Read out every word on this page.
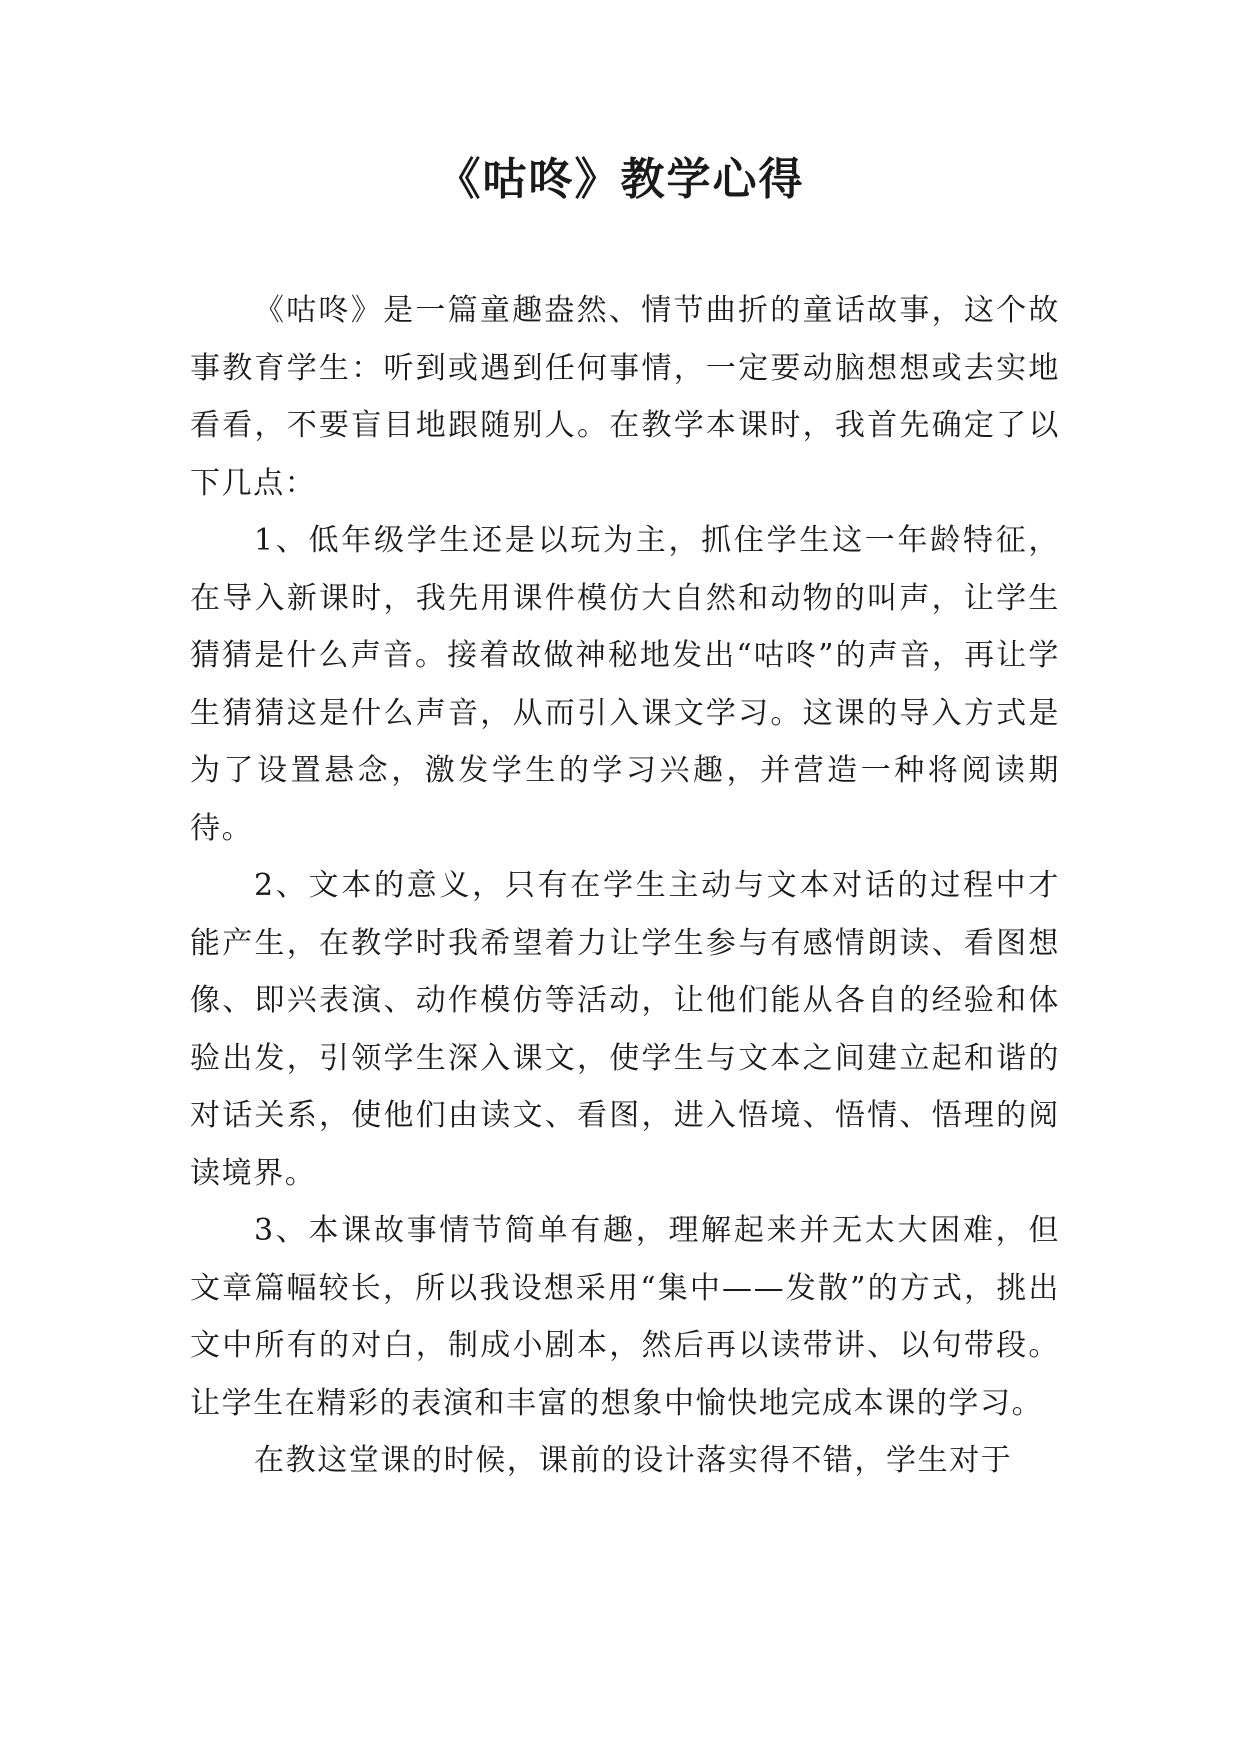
《咕咚》教学心得

《咕咚》是一篇童趣盎然、情节曲折的童话故事，这个故事教育学生：听到或遇到任何事情，一定要动脑想想或去实地看看，不要盲目地跟随别人。在教学本课时，我首先确定了以下几点：

1、低年级学生还是以玩为主，抓住学生这一年龄特征，在导入新课时，我先用课件模仿大自然和动物的叫声，让学生猜猜是什么声音。接着故做神秘地发出“咕咚”的声音，再让学生猜猜这是什么声音，从而引入课文学习。这课的导入方式是为了设置悬念，激发学生的学习兴趣，并营造一种将阅读期待。

2、文本的意义，只有在学生主动与文本对话的过程中才能产生，在教学时我希望着力让学生参与有感情朗读、看图想像、即兴表演、动作模仿等活动，让他们能从各自的经验和体验出发，引领学生深入课文，使学生与文本之间建立起和谐的对话关系，使他们由读文、看图，进入悟境、悟情、悟理的阅读境界。

3、本课故事情节简单有趣，理解起来并无太大困难，但文章篇幅较长，所以我设想采用“集中——发散”的方式，挑出文中所有的对白，制成小剧本，然后再以读带讲、以句带段。让学生在精彩的表演和丰富的想象中愉快地完成本课的学习。

在教这堂课的时候，课前的设计落实得不错，学生对于
